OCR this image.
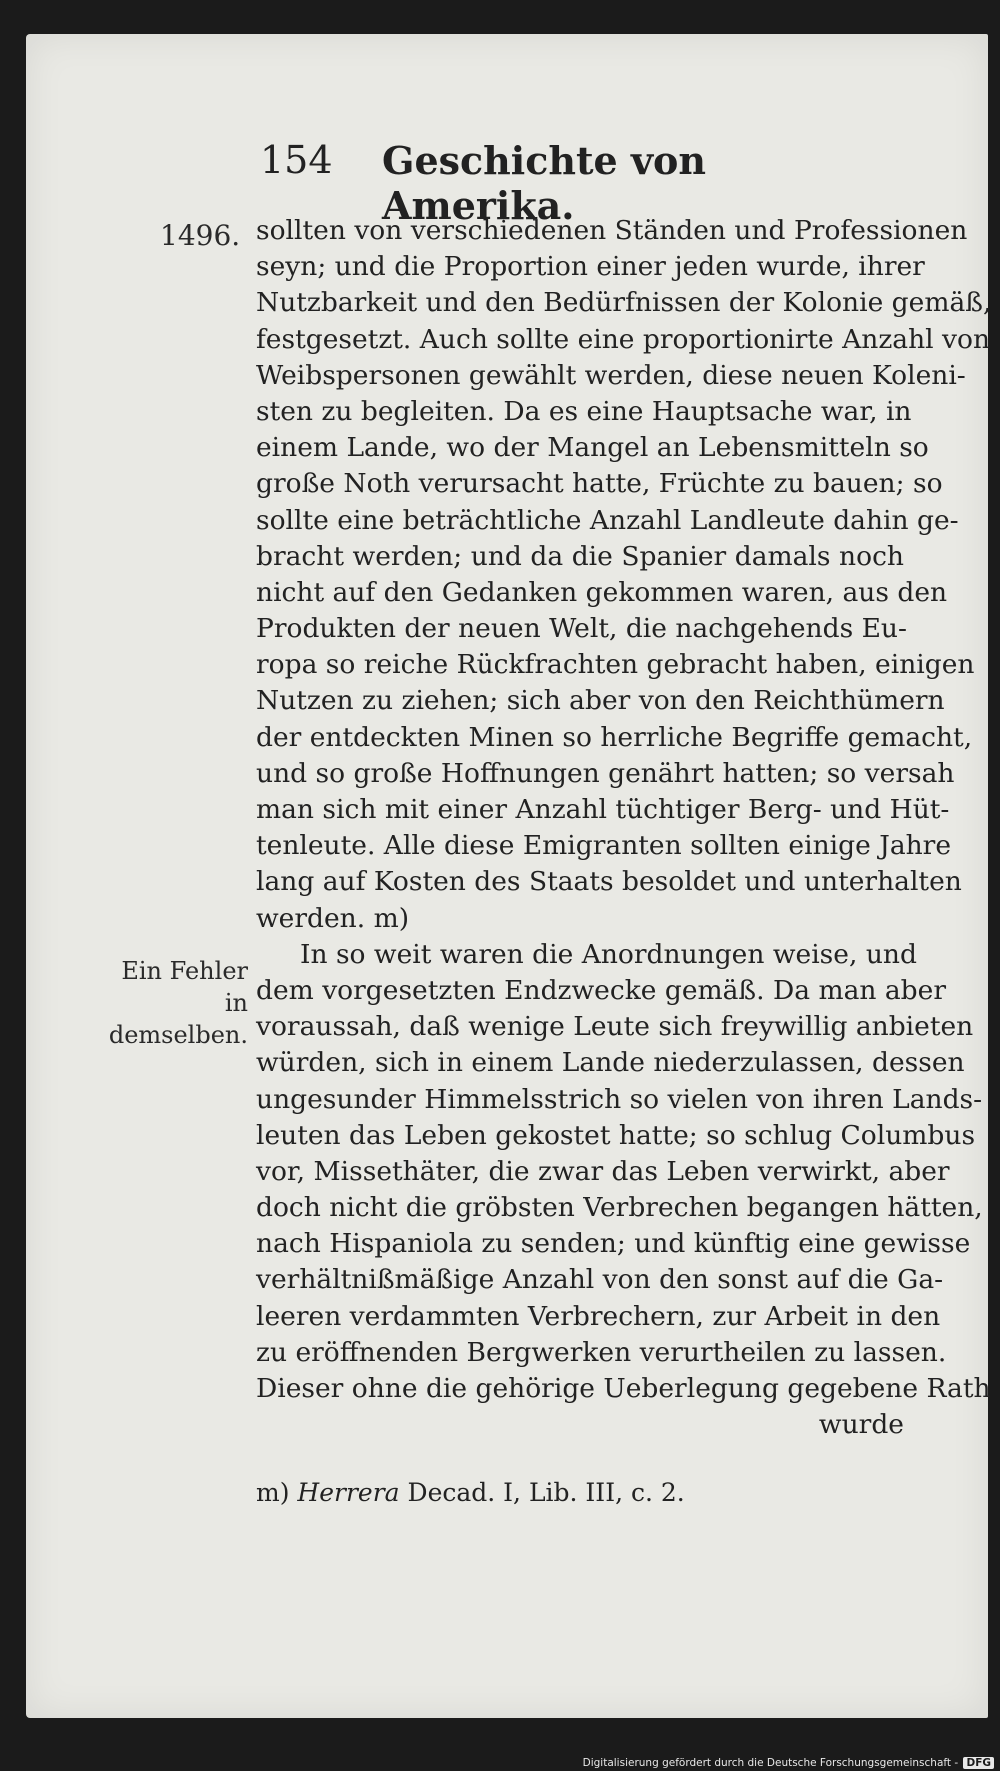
154 Geschichte von Amerika.
1496.
Ein Fehler
in demselben.
sollten von verschiedenen Ständen und Professionen
seyn; und die Proportion einer jeden wurde, ihrer
Nutzbarkeit und den Bedürfnissen der Kolonie gemäß,
festgesetzt. Auch sollte eine proportionirte Anzahl von
Weibspersonen gewählt werden, diese neuen Koleni-
sten zu begleiten. Da es eine Hauptsache war, in
einem Lande, wo der Mangel an Lebensmitteln so
große Noth verursacht hatte, Früchte zu bauen; so
sollte eine beträchtliche Anzahl Landleute dahin ge-
bracht werden; und da die Spanier damals noch
nicht auf den Gedanken gekommen waren, aus den
Produkten der neuen Welt, die nachgehends Eu-
ropa so reiche Rückfrachten gebracht haben, einigen
Nutzen zu ziehen; sich aber von den Reichthümern
der entdeckten Minen so herrliche Begriffe gemacht,
und so große Hoffnungen genährt hatten; so versah
man sich mit einer Anzahl tüchtiger Berg- und Hüt-
tenleute. Alle diese Emigranten sollten einige Jahre
lang auf Kosten des Staats besoldet und unterhalten
werden. m)
In so weit waren die Anordnungen weise, und
dem vorgesetzten Endzwecke gemäß. Da man aber
voraussah, daß wenige Leute sich freywillig anbieten
würden, sich in einem Lande niederzulassen, dessen
ungesunder Himmelsstrich so vielen von ihren Lands-
leuten das Leben gekostet hatte; so schlug Columbus
vor, Missethäter, die zwar das Leben verwirkt, aber
doch nicht die gröbsten Verbrechen begangen hätten,
nach Hispaniola zu senden; und künftig eine gewisse
verhältnißmäßige Anzahl von den sonst auf die Ga-
leeren verdammten Verbrechern, zur Arbeit in den
zu eröffnenden Bergwerken verurtheilen zu lassen.
Dieser ohne die gehörige Ueberlegung gegebene Rath
wurde
m) Herrera Decad. I, Lib. III, c. 2.
Digitalisierung gefördert durch die Deutsche Forschungsgemeinschaft - DFG
